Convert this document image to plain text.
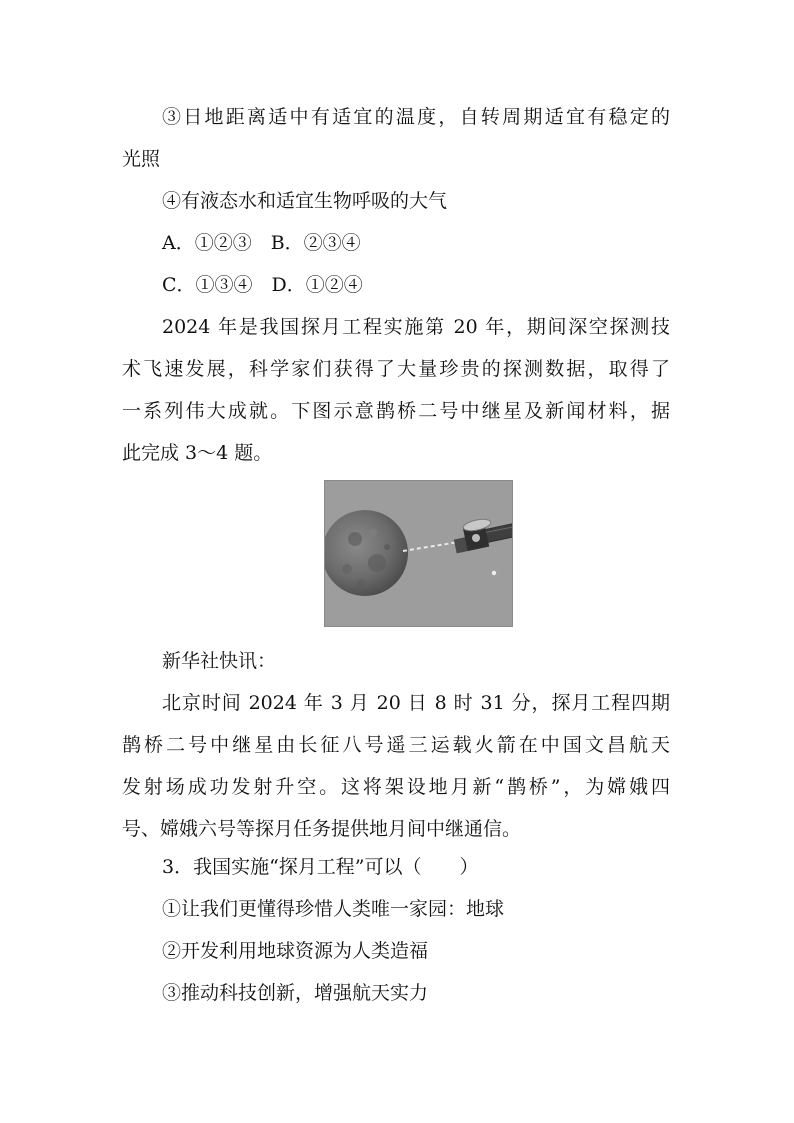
③日地距离适中有适宜的温度，自转周期适宜有稳定的
光照
④有液态水和适宜生物呼吸的大气
A．①②③　B．②③④
C．①③④　D．①②④
2024 年是我国探月工程实施第 20 年，期间深空探测技
术飞速发展，科学家们获得了大量珍贵的探测数据，取得了
一系列伟大成就。下图示意鹊桥二号中继星及新闻材料，据
此完成 3～4 题。
新华社快讯：
北京时间 2024 年 3 月 20 日 8 时 31 分，探月工程四期
鹊桥二号中继星由长征八号遥三运载火箭在中国文昌航天
发射场成功发射升空。这将架设地月新“鹊桥”，为嫦娥四
号、嫦娥六号等探月任务提供地月间中继通信。
3．我国实施“探月工程”可以（　　）
①让我们更懂得珍惜人类唯一家园：地球
②开发利用地球资源为人类造福
③推动科技创新，增强航天实力
